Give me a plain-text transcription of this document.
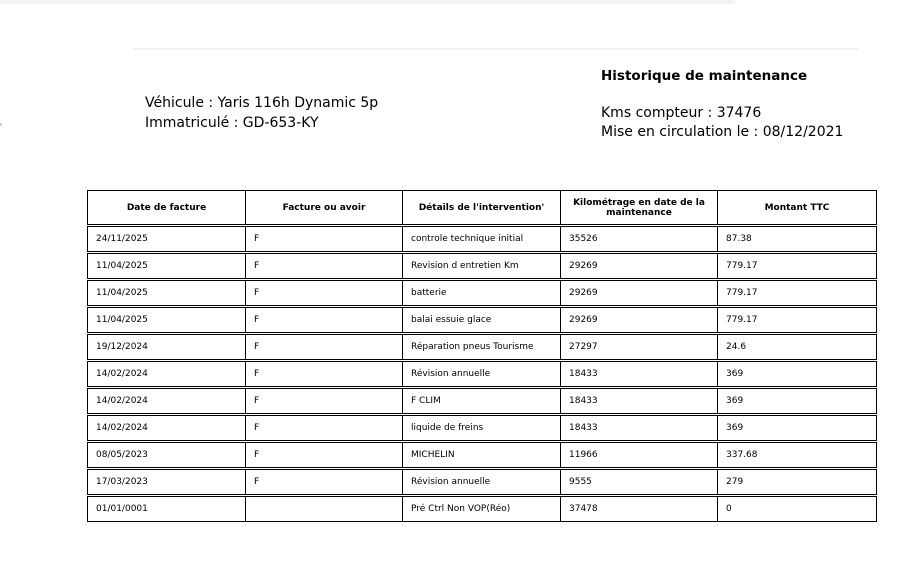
Véhicule : Yaris 116h Dynamic 5p
Immatriculé : GD-653-KY
Historique de maintenance
Kms compteur : 37476
Mise en circulation le : 08/12/2021
Date de facture	Facture ou avoir	Détails de l'intervention'	Kilométrage en date de la maintenance	Montant TTC
24/11/2025	F	controle technique initial	35526	87.38
11/04/2025	F	Revision d entretien Km	29269	779.17
11/04/2025	F	batterie	29269	779.17
11/04/2025	F	balai essuie glace	29269	779.17
19/12/2024	F	Réparation pneus Tourisme	27297	24.6
14/02/2024	F	Révision annuelle	18433	369
14/02/2024	F	F CLIM	18433	369
14/02/2024	F	liquide de freins	18433	369
08/05/2023	F	MICHELIN	11966	337.68
17/03/2023	F	Révision annuelle	9555	279
01/01/0001		Pré Ctrl Non VOP(Réo)	37478	0
